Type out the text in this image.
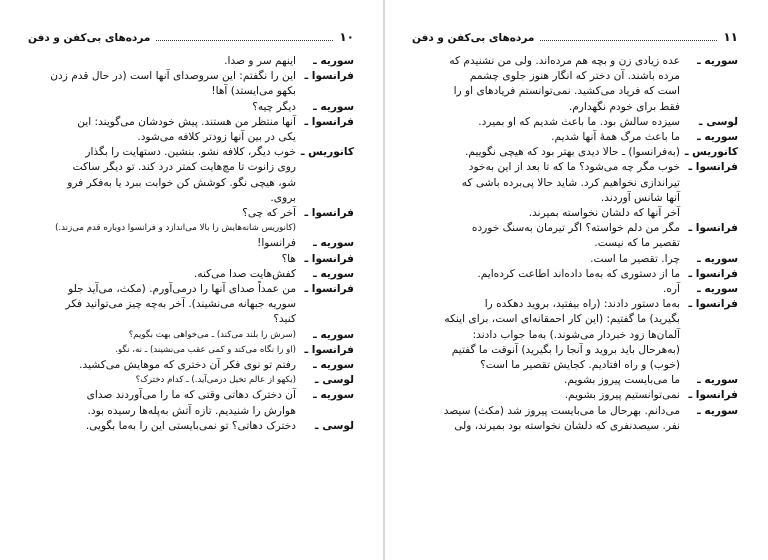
۱۰
مرده‌های بی‌کفن و دفن
سوریه ـ
اینهم سر و صدا.
فرانسوا ـ
این را نگفتم: این سروصدای آنها است (در حال قدم زدن
بکهو می‌ایستد) آها!
سوریه ـ
دیگر چیه؟
فرانسوا ـ
آنها منتظر من هستند. پیش خودشان می‌گویند: این
یکی در بین آنها زودتر کلافه می‌شود.
کانوریس ـ
خوب دیگر، کلافه نشو. بنشین. دستهایت را بگذار
روی زانوت تا مچ‌هایت کمتر درد کند. تو دیگر ساکت
شو، هیچی نگو. کوشش کن خوابت ببرد یا به‌فکر فرو
بروی.
فرانسوا ـ
آخر که چی؟
(کانوریس شانه‌هایش را بالا می‌اندازد و فرانسوا دوباره قدم می‌زند.)
سوریه ـ
فرانسوا!
فرانسوا ـ
ها؟
سوریه ـ
کفش‌هایت صدا می‌کنه.
فرانسوا ـ
من عمداً صدای آنها را درمی‌آورم. (مکث، می‌آید جلو
سوریه جبهانه می‌نشیند). آخر به‌چه چیز می‌توانید فکر
کنید؟
سوریه ـ
(سرش را بلند می‌کند) ـ می‌خواهی بهت بگویم؟
فرانسوا ـ
(او را نگاه می‌کند و کمی عقب می‌نشیند) ـ نه، نگو.
سوریه ـ
رفتم تو نوی فکر آن دختری که موهایش می‌کشید.
لوسی ـ
(یکهو از عالم تخیل درمی‌آید.) ـ کدام دخترک؟
سوریه ـ
آن دخترک دهاتی وقتی که ما را می‌آوردند صدای
هوارش را شنیدیم. تازه آتش به‌پله‌ها رسیده بود.
لوسی ـ
دخترک دهاتی؟ تو نمی‌بایستی این را به‌ما بگویی.
۱۱
مرده‌های بی‌کفن و دفن
سوریه ـ
عده زیادی زن و بچه هم مرده‌اند. ولی من نشنیدم که
مرده باشند. آن دختر که انگار هنوز جلوی چشمم
است که فریاد می‌کشید. نمی‌توانستم فریادهای او را
فقط برای خودم نگهدارم.
لوسی ـ
سیزده سالش بود. ما باعث شدیم که او بمیرد.
سوریه ـ
ما باعث مرگ همهٔ آنها شدیم.
کانوریس ـ
(به‌فرانسوا) ـ حالا دیدی بهتر بود که هیچی نگوییم.
فرانسوا ـ
خوب مگر چه می‌شود؟ ما که تا بعد از این به‌خود
تیراندازی نخواهیم کرد. شاید حالا پی‌برده باشی که
آنها شانس آوردند.
آخر آنها که دلشان نخواسته بمیرند.
فرانسوا ـ
مگر من دلم خواسته؟ اگر تیرمان به‌سنگ خورده
تقصیر ما که نیست.
سوریه ـ
چرا. تقصیر ما است.
فرانسوا ـ
ما از دستوری که به‌ما داده‌اند اطاعت کرده‌ایم.
سوریه ـ
آره.
فرانسوا ـ
به‌ما دستور دادند: (راه بیفتید، بروید دهکده را
بگیرید) ما گفتیم: (این کار احمقانه‌ای است، برای اینکه
آلمان‌ها زود خبردار می‌شوند.) به‌ما جواب دادند:
(به‌هرحال باید بروید و آنجا را بگیرید) آنوقت ما گفتیم
(خوب) و راه افتادیم. کجایش تقصیر ما است؟
سوریه ـ
ما می‌بایست پیروز بشویم.
فرانسوا ـ
نمی‌توانستیم پیروز بشویم.
سوریه ـ
می‌دانم. بهرحال ما می‌بایست پیروز شد (مکث) سیصد
نفر. سیصدنفری که دلشان نخواسته بود بمیرند، ولی
